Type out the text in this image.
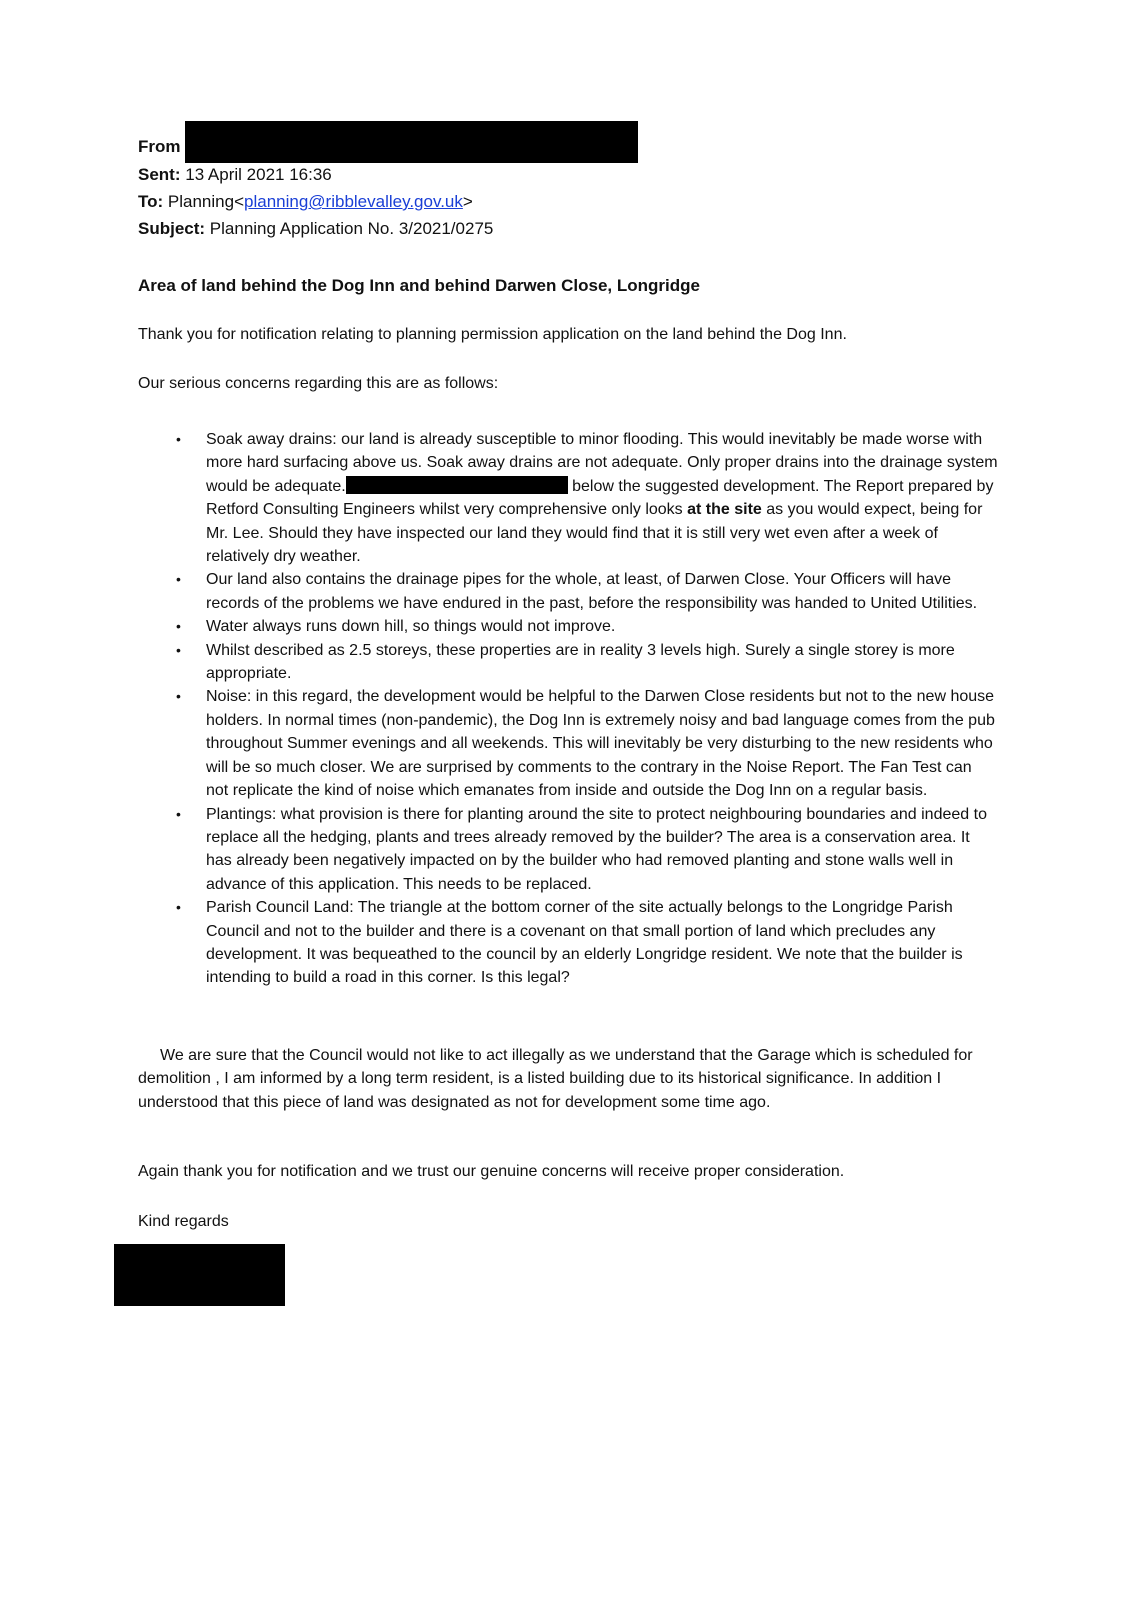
From
Sent: 13 April 2021 16:36
To: Planning<planning@ribblevalley.gov.uk>
Subject: Planning Application No. 3/2021/0275
Area of land behind the Dog Inn and behind Darwen Close, Longridge
Thank you for notification relating to planning permission application on the land behind the Dog Inn.
Our serious concerns regarding this are as follows:
• Soak away drains: our land is already susceptible to minor flooding. This would inevitably be made worse with more hard surfacing above us. Soak away drains are not adequate. Only proper drains into the drainage system would be adequate.	below the suggested development. The Report prepared by Retford Consulting Engineers whilst very comprehensive only looks at the site as you would expect, being for Mr. Lee. Should they have inspected our land they would find that it is still very wet even after a week of relatively dry weather.
• Our land also contains the drainage pipes for the whole, at least, of Darwen Close. Your Officers will have records of the problems we have endured in the past, before the responsibility was handed to United Utilities.
• Water always runs down hill, so things would not improve.
• Whilst described as 2.5 storeys, these properties are in reality 3 levels high. Surely a single storey is more appropriate.
• Noise: in this regard, the development would be helpful to the Darwen Close residents but not to the new house holders. In normal times (non-pandemic), the Dog Inn is extremely noisy and bad language comes from the pub throughout Summer evenings and all weekends. This will inevitably be very disturbing to the new residents who will be so much closer. We are surprised by comments to the contrary in the Noise Report. The Fan Test can not replicate the kind of noise which emanates from inside and outside the Dog Inn on a regular basis.
• Plantings: what provision is there for planting around the site to protect neighbouring boundaries and indeed to replace all the hedging, plants and trees already removed by the builder? The area is a conservation area. It has already been negatively impacted on by the builder who had removed planting and stone walls well in advance of this application. This needs to be replaced.
• Parish Council Land: The triangle at the bottom corner of the site actually belongs to the Longridge Parish Council and not to the builder and there is a covenant on that small portion of land which precludes any development. It was bequeathed to the council by an elderly Longridge resident. We note that the builder is intending to build a road in this corner. Is this legal?
We are sure that the Council would not like to act illegally as we understand that the Garage which is scheduled for demolition , I am informed by a long term resident, is a listed building due to its historical significance. In addition I understood that this piece of land was designated as not for development some time ago.
Again thank you for notification and we trust our genuine concerns will receive proper consideration.
Kind regards
